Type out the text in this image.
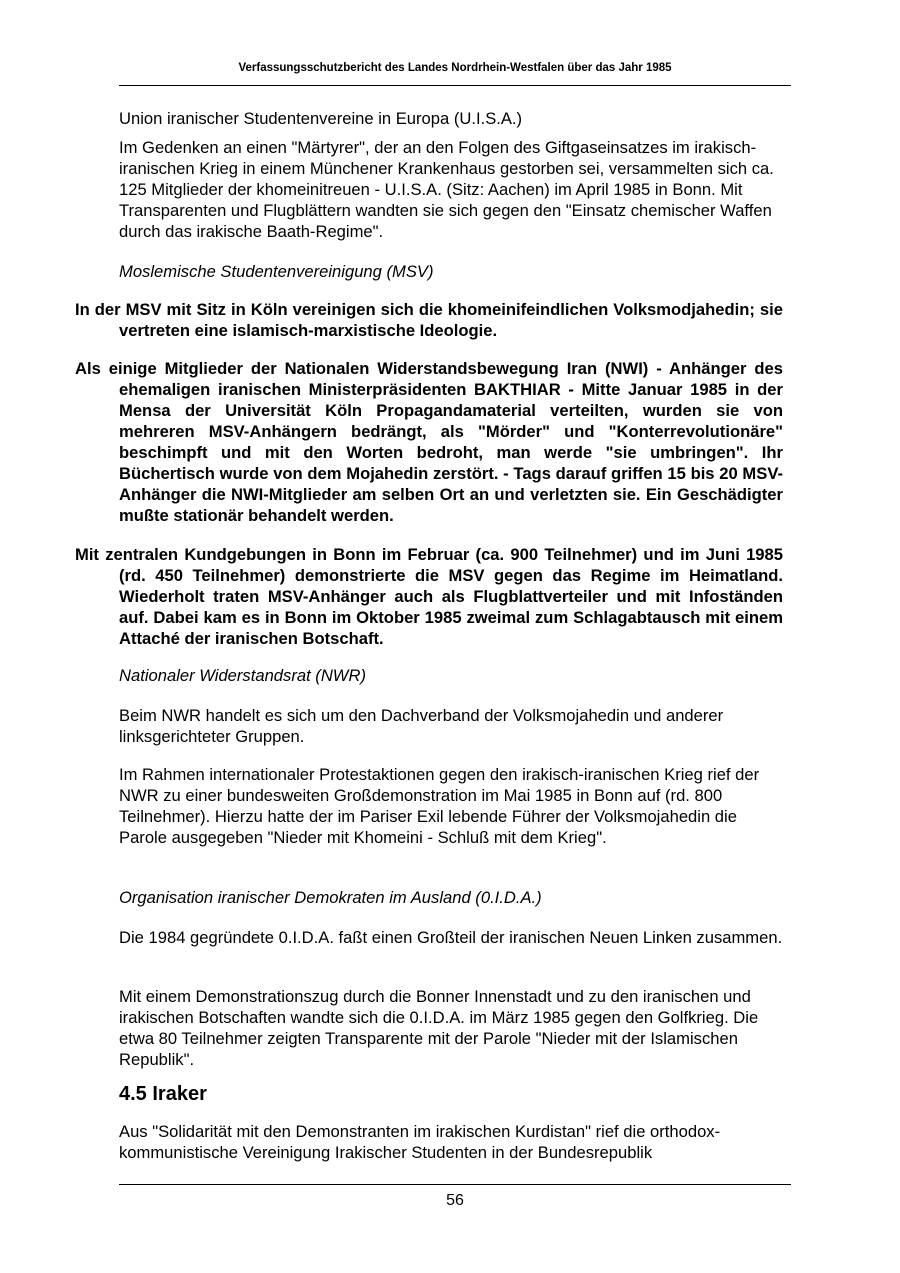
Verfassungsschutzbericht des Landes Nordrhein-Westfalen über das Jahr 1985

Union iranischer Studentenvereine in Europa (U.I.S.A.)

Im Gedenken an einen "Märtyrer", der an den Folgen des Giftgaseinsatzes im irakisch-iranischen Krieg in einem Münchener Krankenhaus gestorben sei, versammelten sich ca. 125 Mitglieder der khomeinitreuen - U.I.S.A. (Sitz: Aachen) im April 1985 in Bonn. Mit Transparenten und Flugblättern wandten sie sich gegen den "Einsatz chemischer Waffen durch das irakische Baath-Regime".

Moslemische Studentenvereinigung (MSV)

In der MSV mit Sitz in Köln vereinigen sich die khomeinifeindlichen Volksmodjahedin; sie vertreten eine islamisch-marxistische Ideologie.

Als einige Mitglieder der Nationalen Widerstandsbewegung Iran (NWI) - Anhänger des ehemaligen iranischen Ministerpräsidenten BAKTHIAR - Mitte Januar 1985 in der Mensa der Universität Köln Propagandamaterial verteilten, wurden sie von mehreren MSV-Anhängern bedrängt, als "Mörder" und "Konterrevolutionäre" beschimpft und mit den Worten bedroht, man werde "sie umbringen". Ihr Büchertisch wurde von dem Mojahedin zerstört. - Tags darauf griffen 15 bis 20 MSV-Anhänger die NWI-Mitglieder am selben Ort an und verletzten sie. Ein Geschädigter mußte stationär behandelt werden.

Mit zentralen Kundgebungen in Bonn im Februar (ca. 900 Teilnehmer) und im Juni 1985 (rd. 450 Teilnehmer) demonstrierte die MSV gegen das Regime im Heimatland. Wiederholt traten MSV-Anhänger auch als Flugblattverteiler und mit Infoständen auf. Dabei kam es in Bonn im Oktober 1985 zweimal zum Schlagabtausch mit einem Attaché der iranischen Botschaft.

Nationaler Widerstandsrat (NWR)

Beim NWR handelt es sich um den Dachverband der Volksmojahedin und anderer linksgerichteter Gruppen.

Im Rahmen internationaler Protestaktionen gegen den irakisch-iranischen Krieg rief der NWR zu einer bundesweiten Großdemonstration im Mai 1985 in Bonn auf (rd. 800 Teilnehmer). Hierzu hatte der im Pariser Exil lebende Führer der Volksmojahedin die Parole ausgegeben "Nieder mit Khomeini - Schluß mit dem Krieg".

Organisation iranischer Demokraten im Ausland (0.I.D.A.)

Die 1984 gegründete 0.I.D.A. faßt einen Großteil der iranischen Neuen Linken zusammen.

Mit einem Demonstrationszug durch die Bonner Innenstadt und zu den iranischen und irakischen Botschaften wandte sich die 0.I.D.A. im März 1985 gegen den Golfkrieg. Die etwa 80 Teilnehmer zeigten Transparente mit der Parole "Nieder mit der Islamischen Republik".

4.5 Iraker

Aus "Solidarität mit den Demonstranten im irakischen Kurdistan" rief die orthodox-kommunistische Vereinigung Irakischer Studenten in der Bundesrepublik

56
